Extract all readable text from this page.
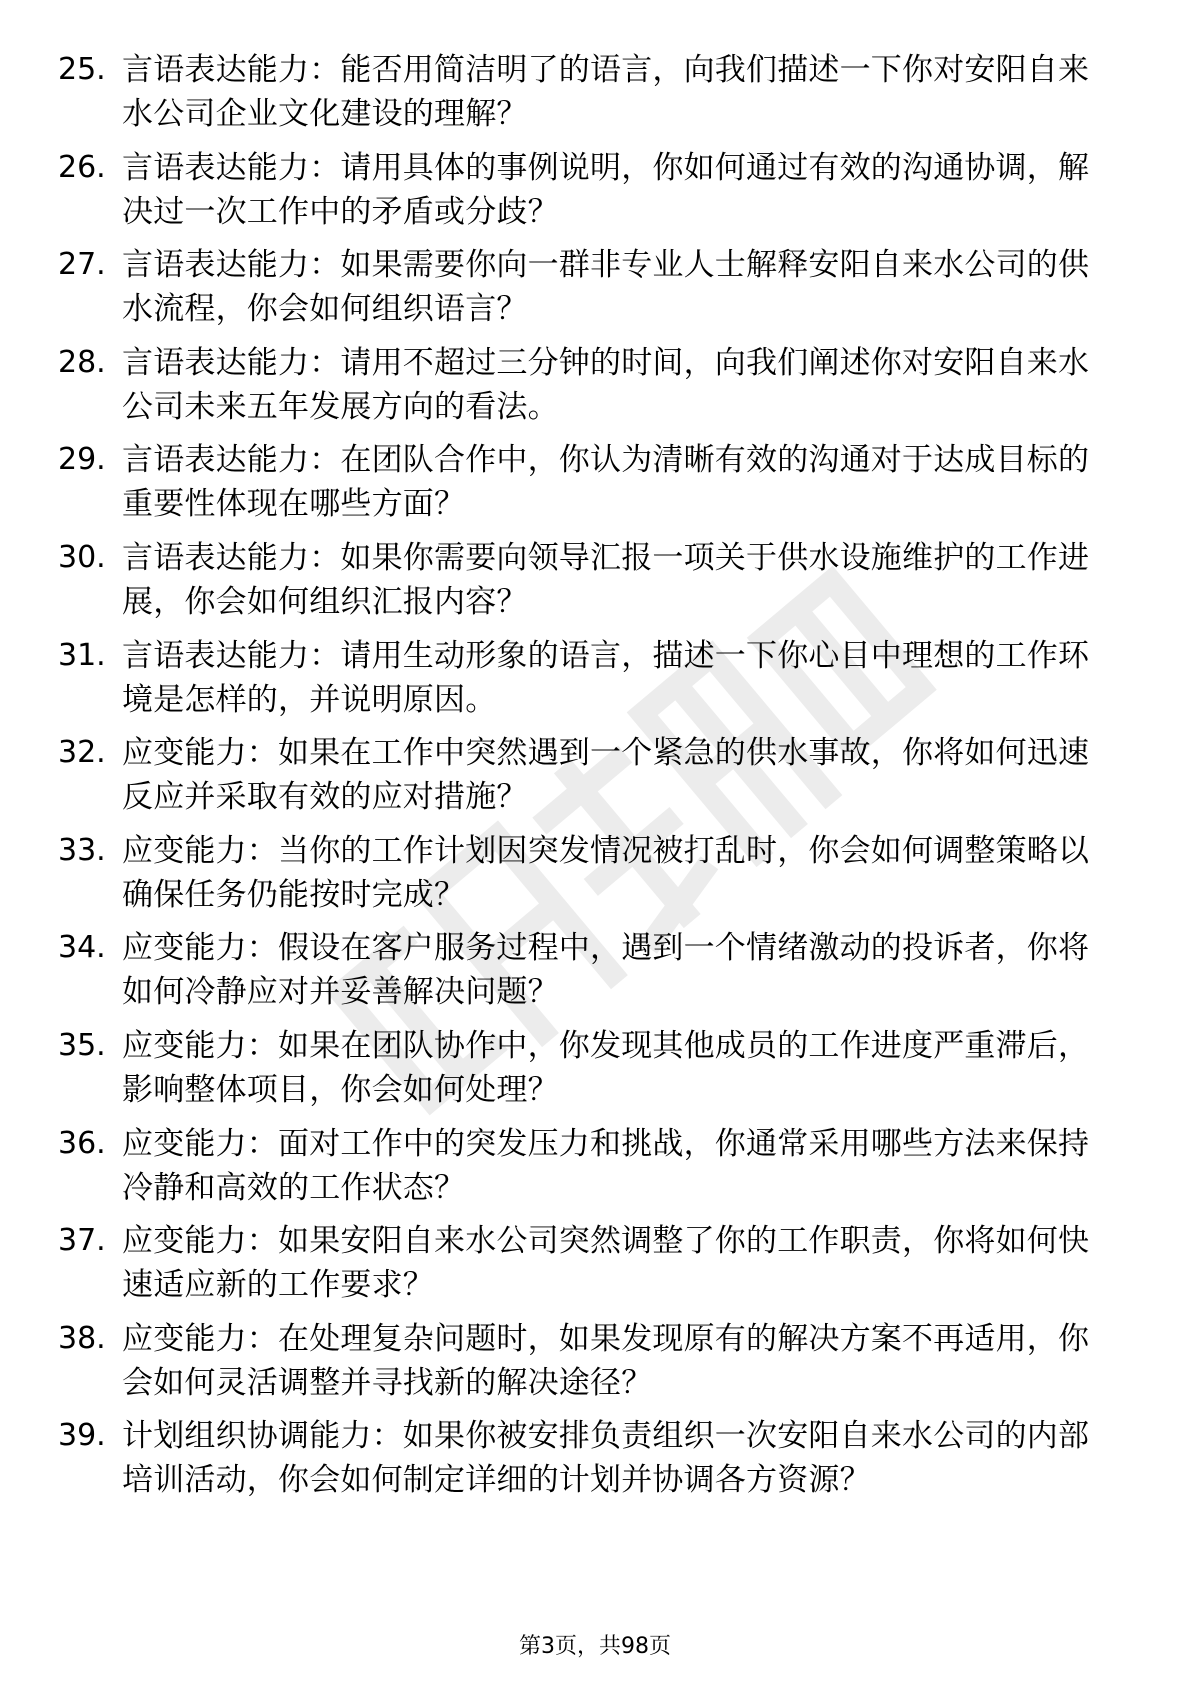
25. 言语表达能力：能否用简洁明了的语言，向我们描述一下你对安阳自来水公司企业文化建设的理解？
26. 言语表达能力：请用具体的事例说明，你如何通过有效的沟通协调，解决过一次工作中的矛盾或分歧？
27. 言语表达能力：如果需要你向一群非专业人士解释安阳自来水公司的供水流程，你会如何组织语言？
28. 言语表达能力：请用不超过三分钟的时间，向我们阐述你对安阳自来水公司未来五年发展方向的看法。
29. 言语表达能力：在团队合作中，你认为清晰有效的沟通对于达成目标的重要性体现在哪些方面？
30. 言语表达能力：如果你需要向领导汇报一项关于供水设施维护的工作进展，你会如何组织汇报内容？
31. 言语表达能力：请用生动形象的语言，描述一下你心目中理想的工作环境是怎样的，并说明原因。
32. 应变能力：如果在工作中突然遇到一个紧急的供水事故，你将如何迅速反应并采取有效的应对措施？
33. 应变能力：当你的工作计划因突发情况被打乱时，你会如何调整策略以确保任务仍能按时完成？
34. 应变能力：假设在客户服务过程中，遇到一个情绪激动的投诉者，你将如何冷静应对并妥善解决问题？
35. 应变能力：如果在团队协作中，你发现其他成员的工作进度严重滞后，影响整体项目，你会如何处理？
36. 应变能力：面对工作中的突发压力和挑战，你通常采用哪些方法来保持冷静和高效的工作状态？
37. 应变能力：如果安阳自来水公司突然调整了你的工作职责，你将如何快速适应新的工作要求？
38. 应变能力：在处理复杂问题时，如果发现原有的解决方案不再适用，你会如何灵活调整并寻找新的解决途径？
39. 计划组织协调能力：如果你被安排负责组织一次安阳自来水公司的内部培训活动，你会如何制定详细的计划并协调各方资源？
第3页，共98页
